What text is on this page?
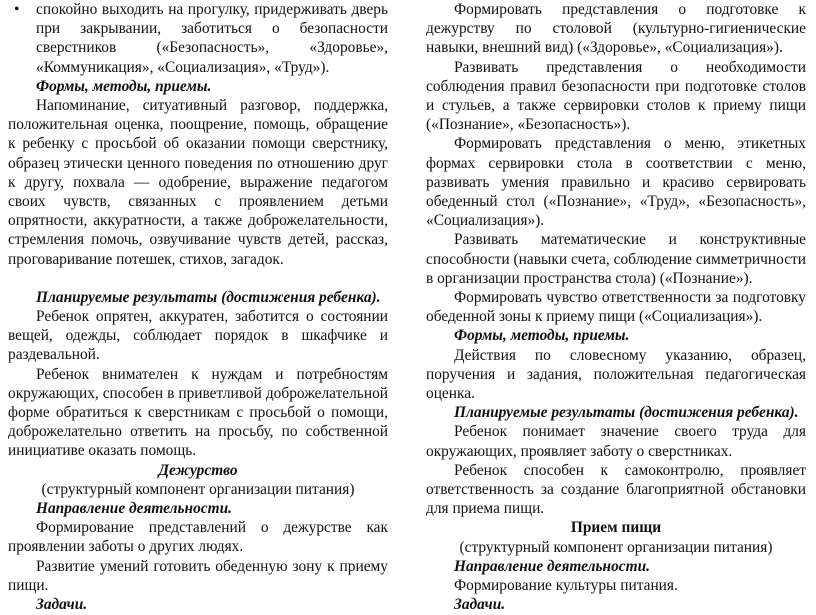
• спокойно выходить на прогулку, придерживать дверь при закрывании, заботиться о безопасности сверстников («Безопасность», «Здоровье», «Коммуникация», «Социализация», «Труд»).

Формы, методы, приемы.

Напоминание, ситуативный разговор, поддержка, положительная оценка, поощрение, помощь, обращение к ребенку с просьбой об оказании помощи сверстнику, образец этически ценного поведения по отношению друг к другу, похвала — одобрение, выражение педагогом своих чувств, связанных с проявлением детьми опрятности, аккуратности, а также доброжелательности, стремления помочь, озвучивание чувств детей, рассказ, проговаривание потешек, стихов, загадок.

Планируемые результаты (достижения ребенка).

Ребенок опрятен, аккуратен, заботится о состоянии вещей, одежды, соблюдает порядок в шкафчике и раздевальной.

Ребенок внимателен к нуждам и потребностям окружающих, способен в приветливой доброжелательной форме обратиться к сверстникам с просьбой о помощи, доброжелательно ответить на просьбу, по собственной инициативе оказать помощь.

Дежурство

(структурный компонент организации питания)

Направление деятельности.

Формирование представлений о дежурстве как проявлении заботы о других людях.

Развитие умений готовить обеденную зону к приему пищи.

Задачи.

Формировать представления о подготовке к дежурству по столовой (культурно-гигиенические навыки, внешний вид) («Здоровье», «Социализация»).

Развивать представления о необходимости соблюдения правил безопасности при подготовке столов и стульев, а также сервировки столов к приему пищи («Познание», «Безопасность»).

Формировать представления о меню, этикетных формах сервировки стола в соответствии с меню, развивать умения правильно и красиво сервировать обеденный стол («Познание», «Труд», «Безопасность», «Социализация»).

Развивать математические и конструктивные способности (навыки счета, соблюдение симметричности в организации пространства стола) («Познание»).

Формировать чувство ответственности за подготовку обеденной зоны к приему пищи («Социализация»).

Формы, методы, приемы.

Действия по словесному указанию, образец, поручения и задания, положительная педагогическая оценка.

Планируемые результаты (достижения ребенка).

Ребенок понимает значение своего труда для окружающих, проявляет заботу о сверстниках.

Ребенок способен к самоконтролю, проявляет ответственность за создание благоприятной обстановки для приема пищи.

Прием пищи

(структурный компонент организации питания)

Направление деятельности.

Формирование культуры питания.

Задачи.
